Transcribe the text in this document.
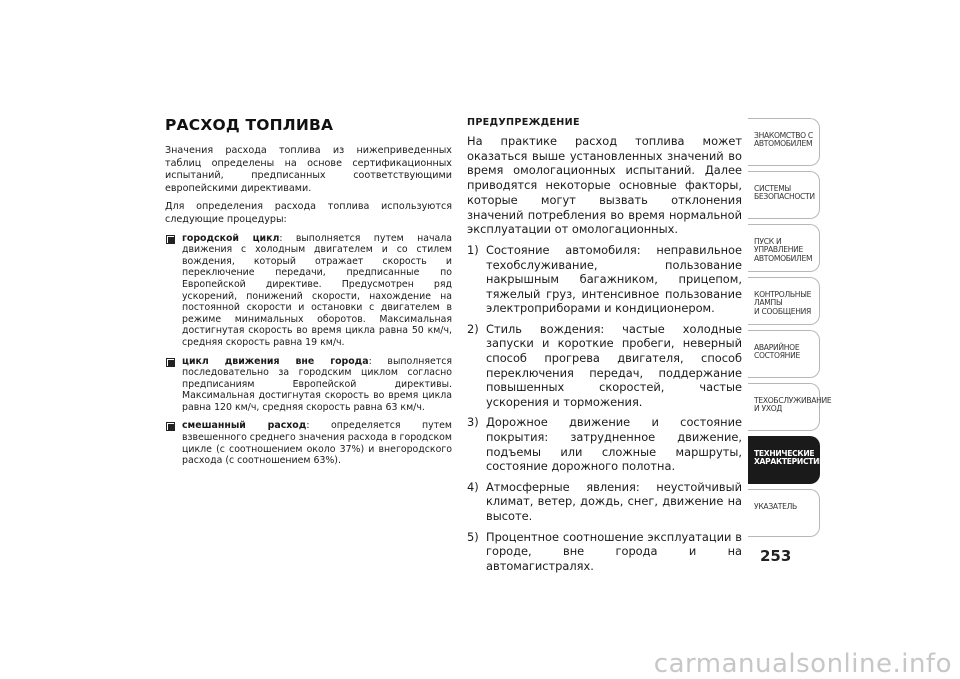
РАСХОД ТОПЛИВА

Значения расхода топлива из нижеприведенных таблиц определены на основе сертификационных испытаний, предписанных соответствующими европейскими директивами.

Для определения расхода топлива используются следующие процедуры:

городской цикл: выполняется путем начала движения с холодным двигателем и со стилем вождения, который отражает скорость и переключение передачи, предписанные по Европейской директиве. Предусмотрен ряд ускорений, понижений скорости, нахождение на постоянной скорости и остановки с двигателем в режиме минимальных оборотов. Максимальная достигнутая скорость во время цикла равна 50 км/ч, средняя скорость равна 19 км/ч.
цикл движения вне города: выполняется последовательно за городским циклом согласно предписаниям Европейской директивы. Максимальная достигнутая скорость во время цикла равна 120 км/ч, средняя скорость равна 63 км/ч.
смешанный расход: определяется путем взвешенного среднего значения расхода в городском цикле (с соотношением около 37%) и внегородского расхода (с соотношением 63%).
ПРЕДУПРЕЖДЕНИЕ

На практике расход топлива может оказаться выше установленных значений во время омологационных испытаний. Далее приводятся некоторые основные факторы, которые могут вызвать отклонения значений потребления во время нормальной эксплуатации от омологационных.

1) Состояние автомобиля: неправильное техобслуживание, пользование накрышным багажником, прицепом, тяжелый груз, интенсивное пользование электроприборами и кондиционером.
2) Стиль вождения: частые холодные запуски и короткие пробеги, неверный способ прогрева двигателя, способ переключения передач, поддержание повышенных скоростей, частые ускорения и торможения.
3) Дорожное движение и состояние покрытия: затрудненное движение, подъемы или сложные маршруты, состояние дорожного полотна.
4) Атмосферные явления: неустойчивый климат, ветер, дождь, снег, движение на высоте.
5) Процентное соотношение эксплуатации в городе, вне города и на автомагистралях.
ЗНАКОМСТВО С
АВТОМОБИЛЕМ
СИСТЕМЫ
БЕЗОПАСНОСТИ
ПУСК И УПРАВЛЕНИЕ
АВТОМОБИЛЕМ
КОНТРОЛЬНЫЕ
ЛАМПЫ
И СООБЩЕНИЯ
АВАРИЙНОЕ
СОСТОЯНИЕ
ТЕХОБСЛУЖИВАНИЕ
И УХОД
ТЕХНИЧЕСКИЕ
ХАРАКТЕРИСТИКИ
УКАЗАТЕЛЬ
253
carmanualsonline.info
